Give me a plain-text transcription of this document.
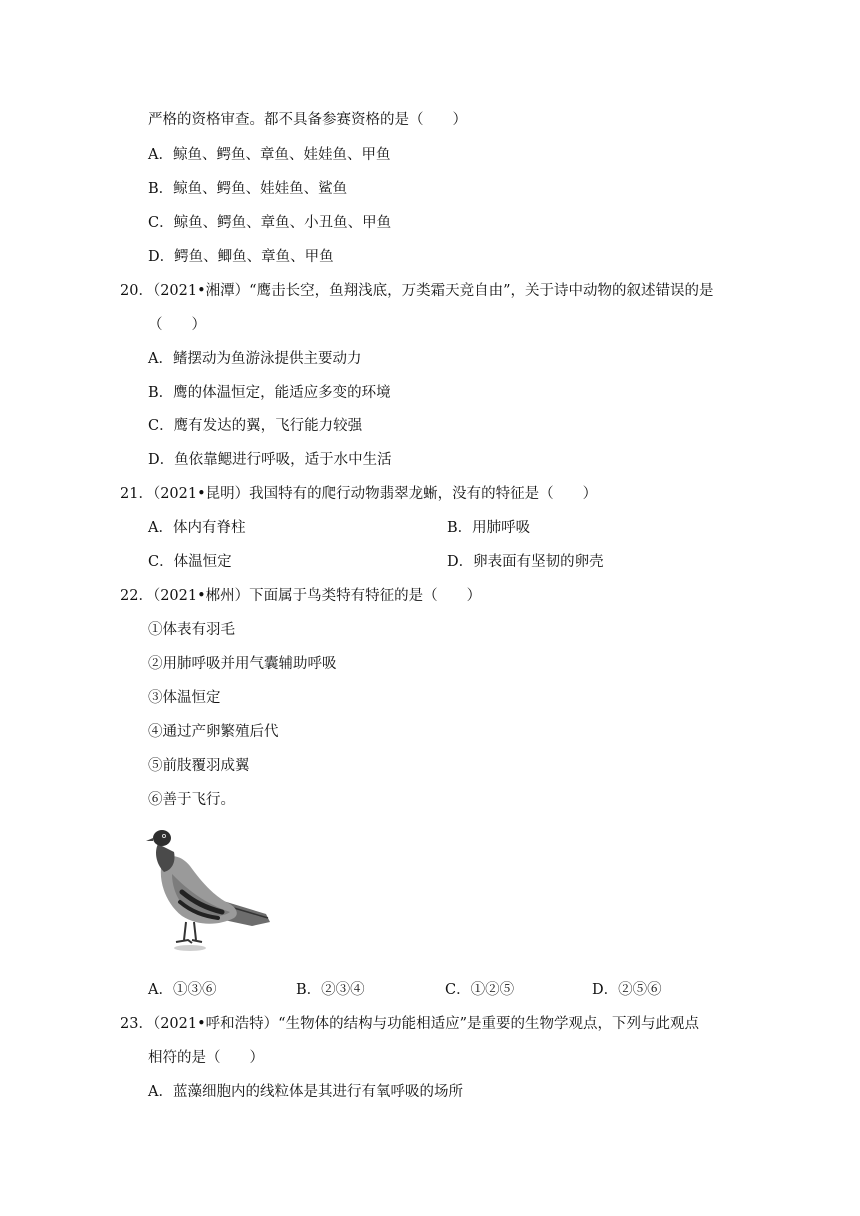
严格的资格审查。都不具备参赛资格的是（　　）
A．鲸鱼、鳄鱼、章鱼、娃娃鱼、甲鱼
B．鲸鱼、鳄鱼、娃娃鱼、鲨鱼
C．鲸鱼、鳄鱼、章鱼、小丑鱼、甲鱼
D．鳄鱼、鲫鱼、章鱼、甲鱼
20．（2021•湘潭）“鹰击长空，鱼翔浅底，万类霜天竞自由”，关于诗中动物的叙述错误的是
（　　）
A．鳍摆动为鱼游泳提供主要动力
B．鹰的体温恒定，能适应多变的环境
C．鹰有发达的翼，飞行能力较强
D．鱼依靠鳃进行呼吸，适于水中生活
21．（2021•昆明）我国特有的爬行动物翡翠龙蜥，没有的特征是（　　）
A．体内有脊柱	B．用肺呼吸
C．体温恒定	D．卵表面有坚韧的卵壳
22．（2021•郴州）下面属于鸟类特有特征的是（　　）
①体表有羽毛
②用肺呼吸并用气囊辅助呼吸
③体温恒定
④通过产卵繁殖后代
⑤前肢覆羽成翼
⑥善于飞行。
A．①③⑥	B．②③④	C．①②⑤	D．②⑤⑥
23．（2021•呼和浩特）“生物体的结构与功能相适应”是重要的生物学观点，下列与此观点
相符的是（　　）
A．蓝藻细胞内的线粒体是其进行有氧呼吸的场所
